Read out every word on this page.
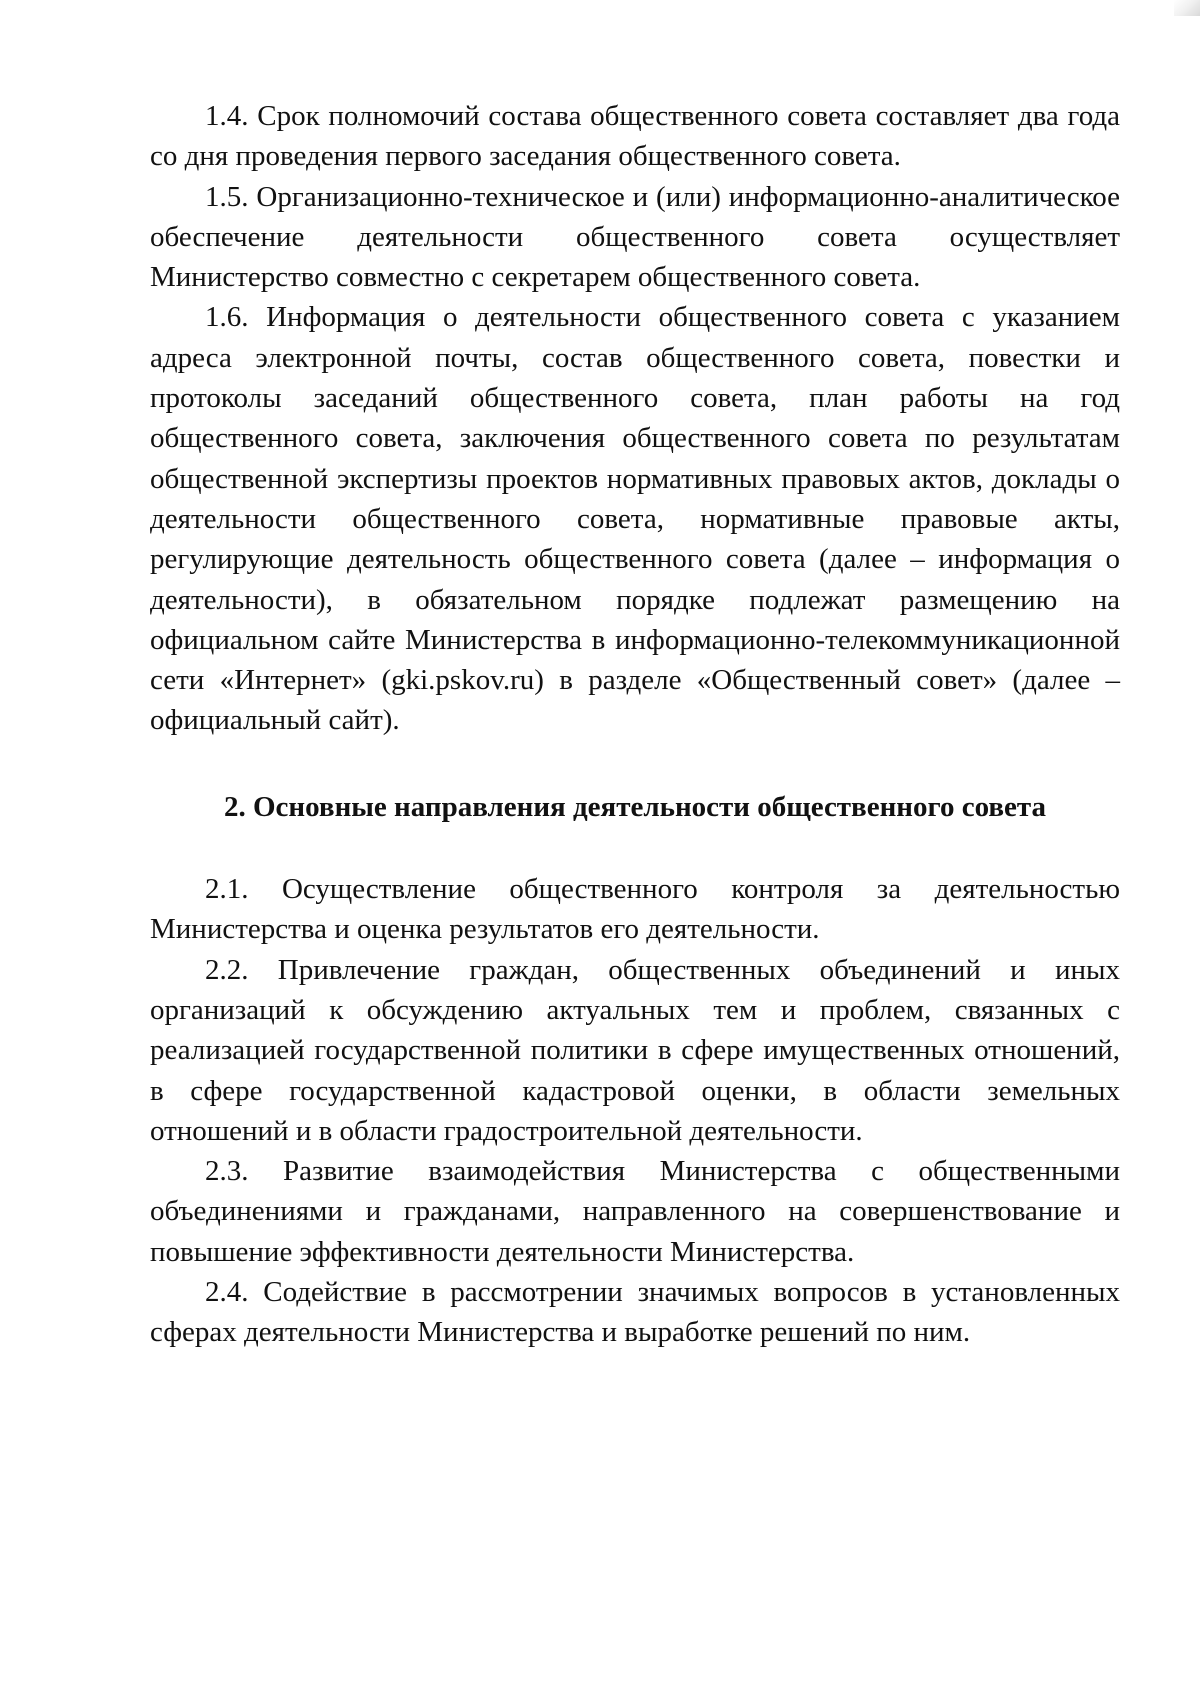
1.4. Срок полномочий состава общественного совета составляет два года со дня проведения первого заседания общественного совета.

1.5. Организационно-техническое и (или) информационно-аналитическое обеспечение деятельности общественного совета осуществляет Министерство совместно с секретарем общественного совета.

1.6. Информация о деятельности общественного совета с указанием адреса электронной почты, состав общественного совета, повестки и протоколы заседаний общественного совета, план работы на год общественного совета, заключения общественного совета по результатам общественной экспертизы проектов нормативных правовых актов, доклады о деятельности общественного совета, нормативные правовые акты, регулирующие деятельность общественного совета (далее – информация о деятельности), в обязательном порядке подлежат размещению на официальном сайте Министерства в информационно-телекоммуникационной сети «Интернет» (gki.pskov.ru) в разделе «Общественный совет» (далее – официальный сайт).

2. Основные направления деятельности общественного совета

2.1. Осуществление общественного контроля за деятельностью Министерства и оценка результатов его деятельности.

2.2. Привлечение граждан, общественных объединений и иных организаций к обсуждению актуальных тем и проблем, связанных с реализацией государственной политики в сфере имущественных отношений, в сфере государственной кадастровой оценки, в области земельных отношений и в области градостроительной деятельности.

2.3. Развитие взаимодействия Министерства с общественными объединениями и гражданами, направленного на совершенствование и повышение эффективности деятельности Министерства.

2.4. Содействие в рассмотрении значимых вопросов в установленных сферах деятельности Министерства и выработке решений по ним.
